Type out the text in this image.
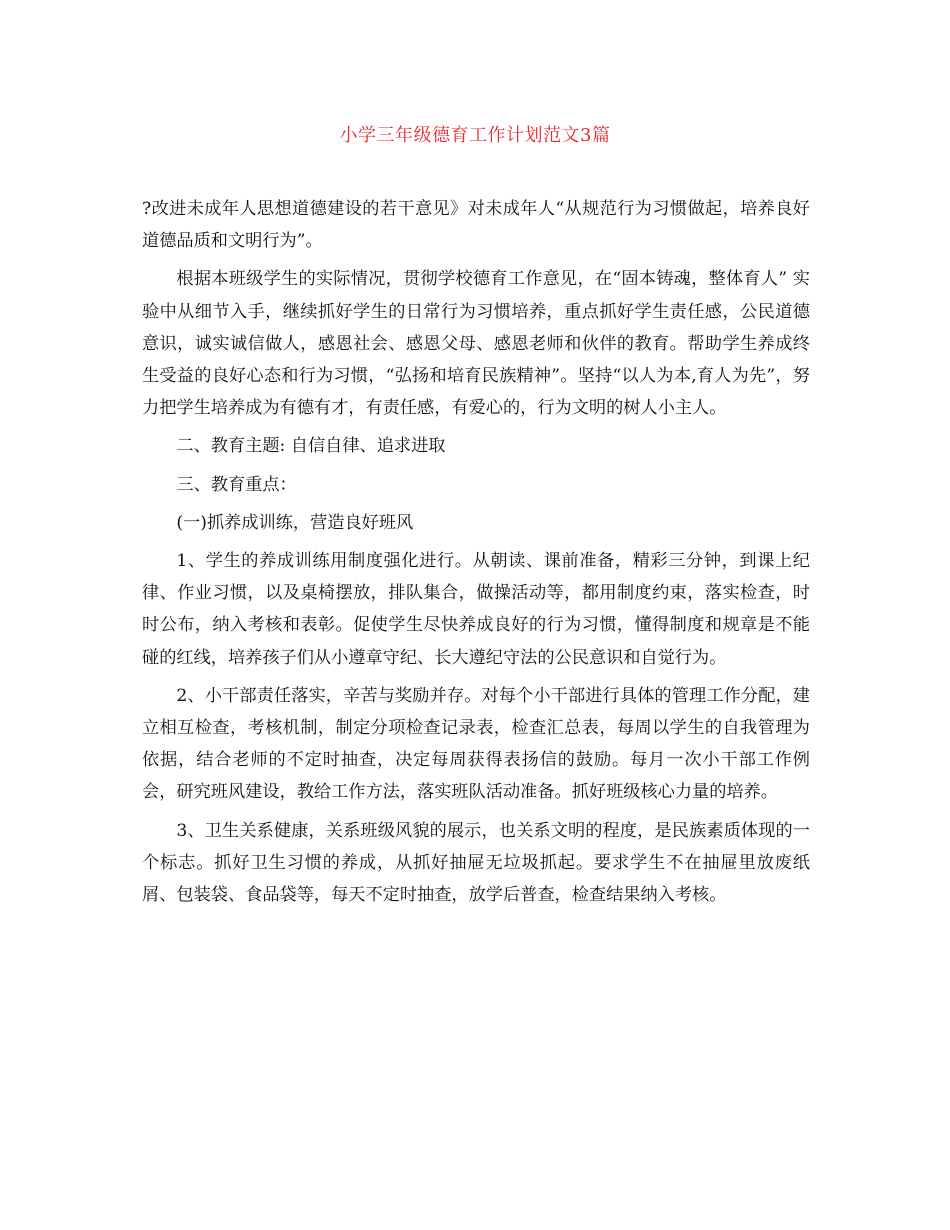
小学三年级德育工作计划范文3篇

?改进未成年人思想道德建设的若干意见》对未成年人“从规范行为习惯做起，培养良好道德品质和文明行为”。

根据本班级学生的实际情况，贯彻学校德育工作意见，在“固本铸魂，整体育人” 实验中从细节入手，继续抓好学生的日常行为习惯培养，重点抓好学生责任感，公民道德意识，诚实诚信做人，感恩社会、感恩父母、感恩老师和伙伴的教育。帮助学生养成终生受益的良好心态和行为习惯，“弘扬和培育民族精神”。坚持“以人为本,育人为先”，努力把学生培养成为有德有才，有责任感，有爱心的，行为文明的树人小主人。

二、教育主题: 自信自律、追求进取

三、教育重点：

(一)抓养成训练，营造良好班风

1、学生的养成训练用制度强化进行。从朝读、课前准备，精彩三分钟，到课上纪律、作业习惯，以及桌椅摆放，排队集合，做操活动等，都用制度约束，落实检查，时时公布，纳入考核和表彰。促使学生尽快养成良好的行为习惯，懂得制度和规章是不能碰的红线，培养孩子们从小遵章守纪、长大遵纪守法的公民意识和自觉行为。

2、小干部责任落实，辛苦与奖励并存。对每个小干部进行具体的管理工作分配，建立相互检查，考核机制，制定分项检查记录表，检查汇总表，每周以学生的自我管理为依据，结合老师的不定时抽查，决定每周获得表扬信的鼓励。每月一次小干部工作例会，研究班风建设，教给工作方法，落实班队活动准备。抓好班级核心力量的培养。

3、卫生关系健康，关系班级风貌的展示，也关系文明的程度，是民族素质体现的一个标志。抓好卫生习惯的养成，从抓好抽屉无垃圾抓起。要求学生不在抽屉里放废纸屑、包装袋、食品袋等，每天不定时抽查，放学后普查，检查结果纳入考核。
